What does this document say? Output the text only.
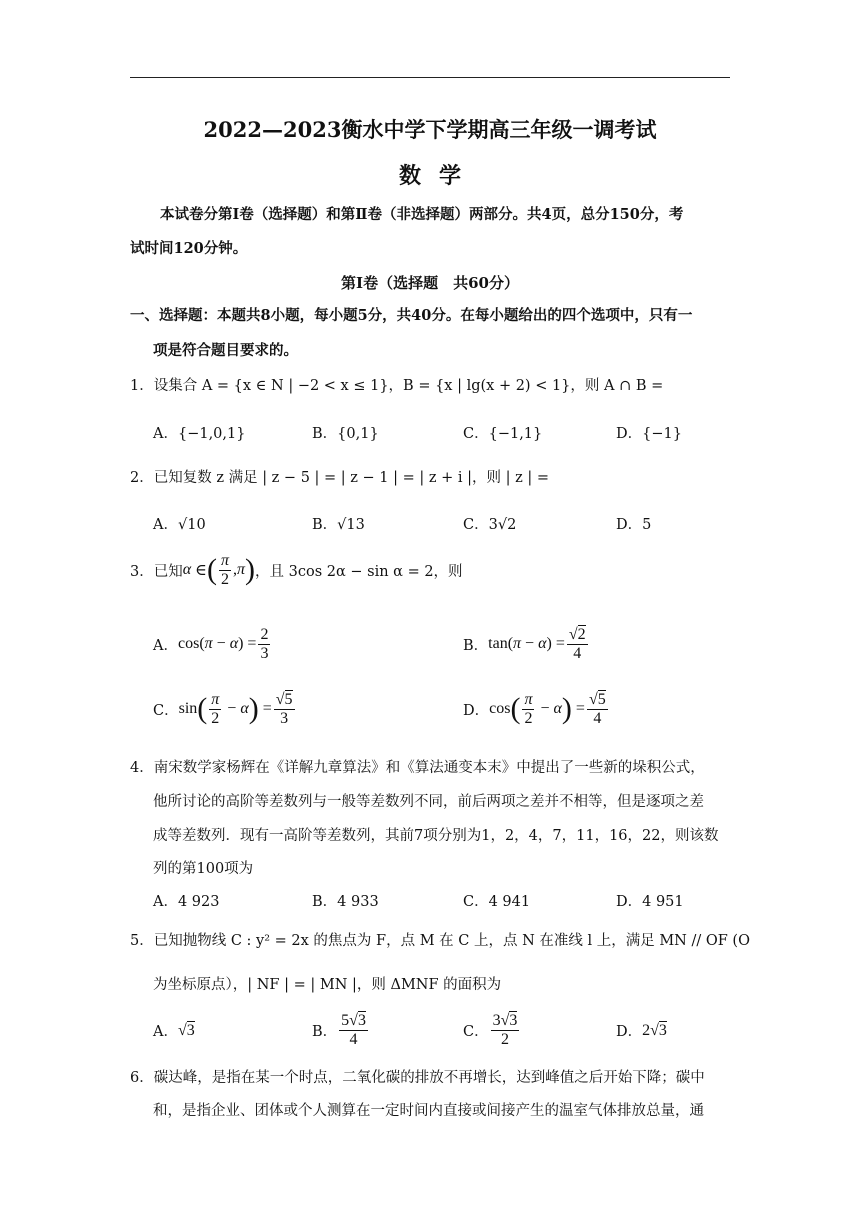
2022—2023衡水中学下学期高三年级一调考试
数学
本试卷分第Ⅰ卷（选择题）和第Ⅱ卷（非选择题）两部分。共4页，总分150分，考
试时间120分钟。
第Ⅰ卷（选择题　共60分）
一、选择题：本题共8小题，每小题5分，共40分。在每小题给出的四个选项中，只有一
项是符合题目要求的。
1．设集合 A = {x ∈ N | −2 < x ≤ 1}，B = {x | lg(x + 2) < 1}，则 A ∩ B =
A．{−1,0,1}	B．{0,1}	C．{−1,1}	D．{−1}
2．已知复数 z 满足 | z − 5 | = | z − 1 | = | z + i |，则 | z | =
A．√10	B．√13	C．3√2	D．5
3．已知 α ∈ ( $\frac{\pi}{2}$ , π ) ，且 3cos 2α − sin α = 2，则
A． cos( π − α ) = $\frac{2}{3}$	B． tan( π − α ) = $\frac{√2}{4}$
C． sin ( $\frac{\pi}{2} - \alpha$ ) = $\frac{√5}{3}$	D． cos ( $\frac{\pi}{2} - \alpha$ ) = $\frac{√5}{4}$
4．南宋数学家杨辉在《详解九章算法》和《算法通变本末》中提出了一些新的垛积公式，
他所讨论的高阶等差数列与一般等差数列不同，前后两项之差并不相等，但是逐项之差
成等差数列．现有一高阶等差数列，其前7项分别为1，2，4，7，11，16，22，则该数
列的第100项为
A．4 923	B．4 933	C．4 941	D．4 951
5．已知抛物线 C : y² = 2x 的焦点为 F，点 M 在 C 上，点 N 在准线 l 上，满足 MN // OF (O
为坐标原点），| NF | = | MN |，则 ΔMNF 的面积为
A． √3	B． $\frac{5√3}{4}$	C． $\frac{3√3}{2}$	D． 2√3
6．碳达峰，是指在某一个时点，二氧化碳的排放不再增长，达到峰值之后开始下降；碳中
和，是指企业、团体或个人测算在一定时间内直接或间接产生的温室气体排放总量，通
